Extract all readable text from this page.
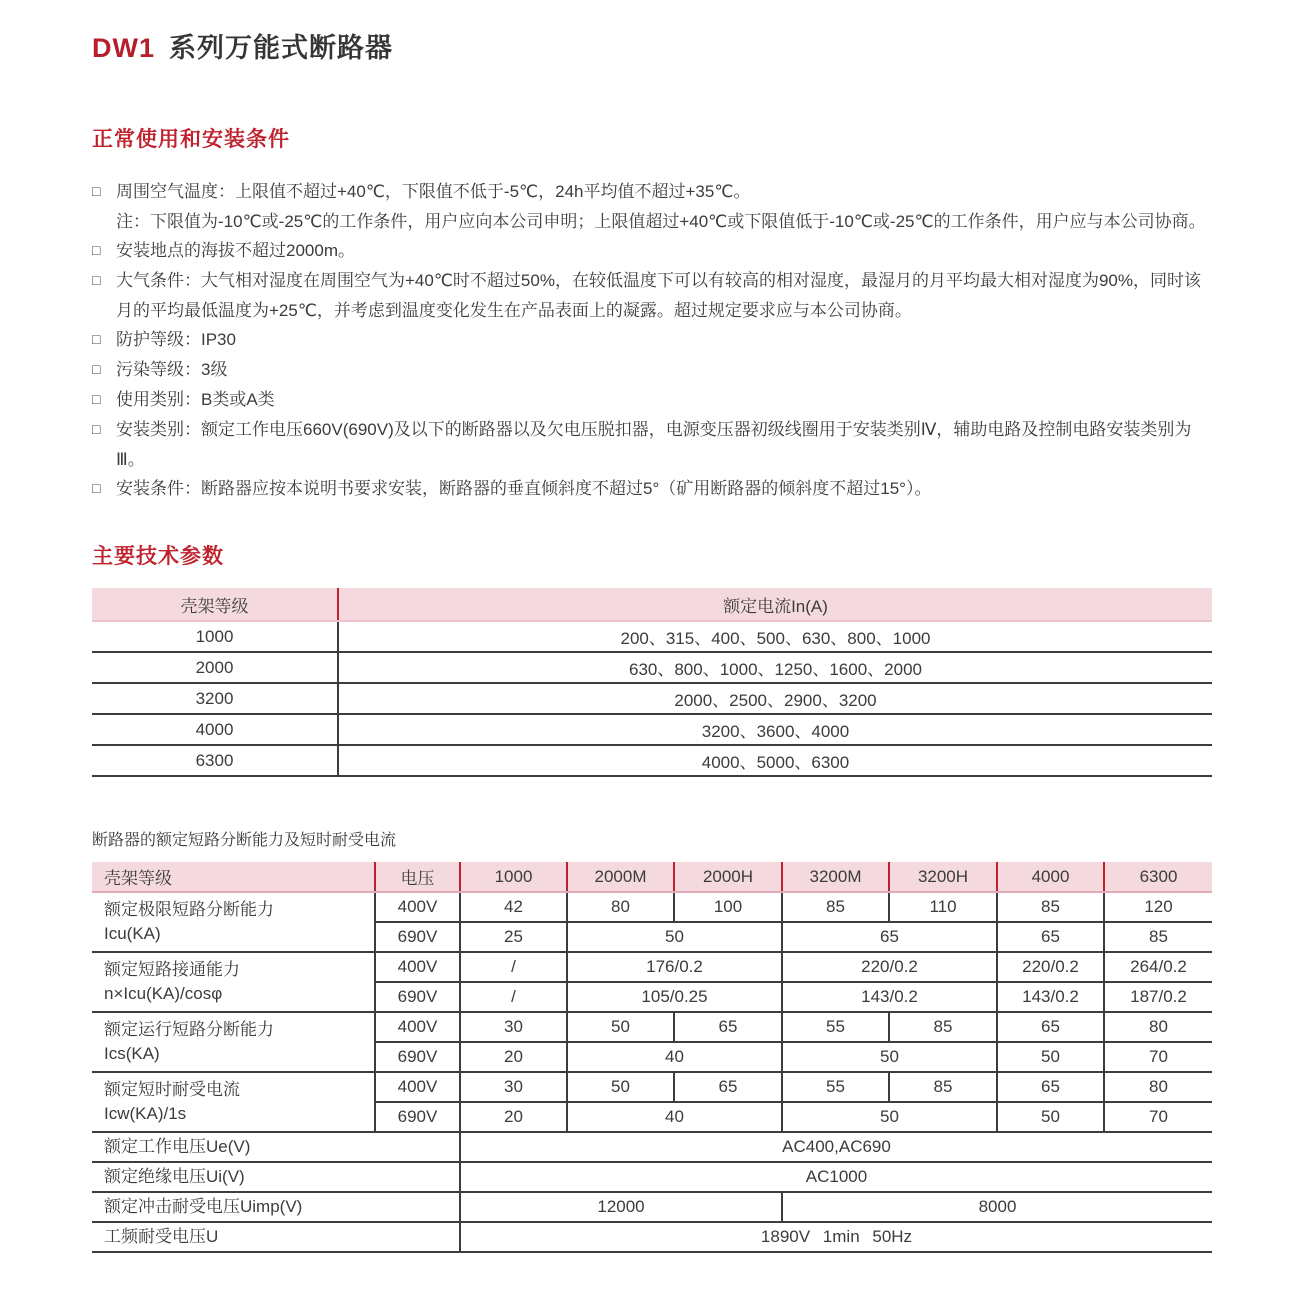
DW1 系列万能式断路器
正常使用和安装条件
□ 周围空气温度：上限值不超过+40℃，下限值不低于-5℃，24h平均值不超过+35℃。
注：下限值为-10℃或-25℃的工作条件，用户应向本公司申明；上限值超过+40℃或下限值低于-10℃或-25℃的工作条件，用户应与本公司协商。
□ 安装地点的海拔不超过2000m。
□ 大气条件：大气相对湿度在周围空气为+40℃时不超过50%，在较低温度下可以有较高的相对湿度，最湿月的月平均最大相对湿度为90%，同时该月的平均最低温度为+25℃，并考虑到温度变化发生在产品表面上的凝露。超过规定要求应与本公司协商。
□ 防护等级：IP30
□ 污染等级：3级
□ 使用类别：B类或A类
□ 安装类别：额定工作电压660V(690V)及以下的断路器以及欠电压脱扣器，电源变压器初级线圈用于安装类别Ⅳ，辅助电路及控制电路安装类别为Ⅲ。
□ 安装条件：断路器应按本说明书要求安装，断路器的垂直倾斜度不超过5°（矿用断路器的倾斜度不超过15°）。
主要技术参数
壳架等级	额定电流In(A)
1000	200、315、400、500、630、800、1000
2000	630、800、1000、1250、1600、2000
3200	2000、2500、2900、3200
4000	3200、3600、4000
6300	4000、5000、6300
断路器的额定短路分断能力及短时耐受电流
壳架等级	电压	1000	2000M	2000H	3200M	3200H	4000	6300

额定极限短路分断能力
Icu(KA)	400V	42	80	100	85	110	85	120
	690V	25	50		65		65	85

额定短路接通能力
n×Icu(KA)/cosφ	400V	/	176/0.2		220/0.2		220/0.2	264/0.2
	690V	/	105/0.25		143/0.2		143/0.2	187/0.2

额定运行短路分断能力
Ics(KA)	400V	30	50	65	55	85	65	80
	690V	20	40		50		50	70

额定短时耐受电流
Icw(KA)/1s	400V	30	50	65	55	85	65	80
	690V	20	40		50		50	70
额定工作电压Ue(V)		AC400,AC690						
额定绝缘电压Ui(V)		AC1000						
额定冲击耐受电压Uimp(V)		12000			8000			
工频耐受电压U		1890V 1min 50Hz						
